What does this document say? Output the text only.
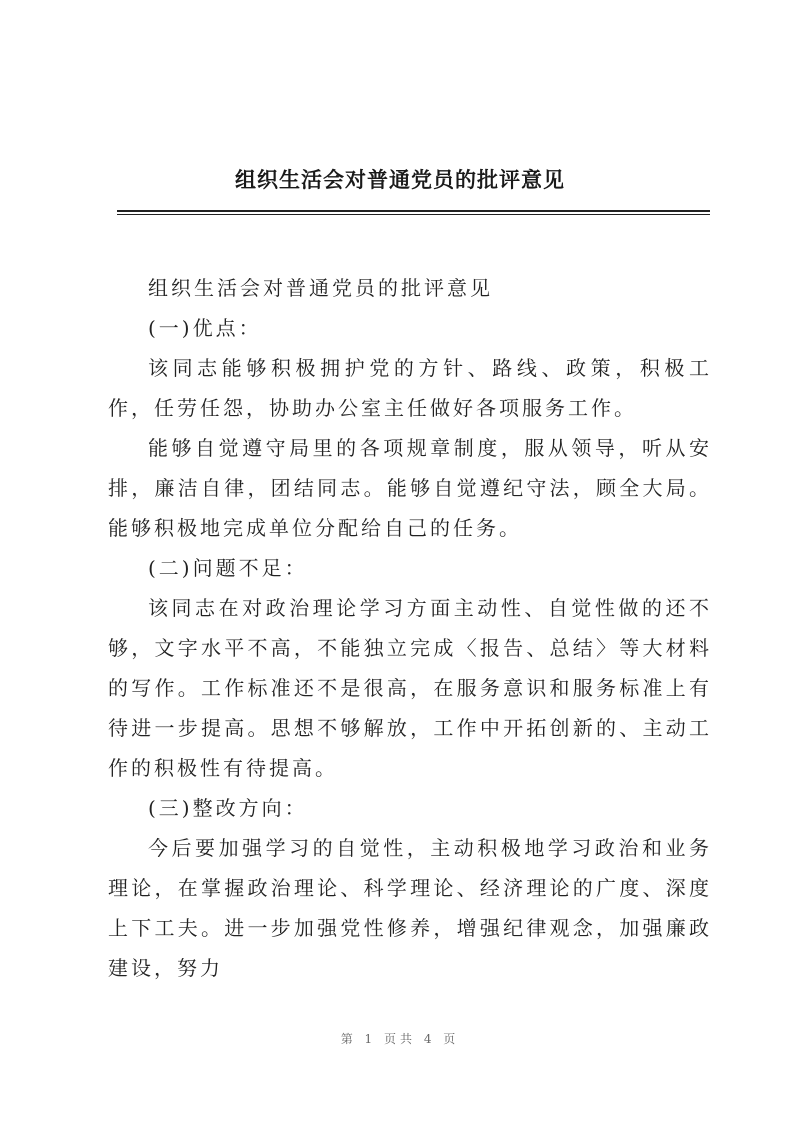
组织生活会对普通党员的批评意见

组织生活会对普通党员的批评意见

(一)优点：

该同志能够积极拥护党的方针、路线、政策，积极工作，任劳任怨，协助办公室主任做好各项服务工作。

能够自觉遵守局里的各项规章制度，服从领导，听从安排，廉洁自律，团结同志。能够自觉遵纪守法，顾全大局。能够积极地完成单位分配给自己的任务。

(二)问题不足：

该同志在对政治理论学习方面主动性、自觉性做的还不够，文字水平不高，不能独立完成〈报告、总结〉等大材料的写作。工作标准还不是很高，在服务意识和服务标准上有待进一步提高。思想不够解放，工作中开拓创新的、主动工作的积极性有待提高。

(三)整改方向：

今后要加强学习的自觉性，主动积极地学习政治和业务理论，在掌握政治理论、科学理论、经济理论的广度、深度上下工夫。进一步加强党性修养，增强纪律观念，加强廉政建设，努力

第 1 页共 4 页
